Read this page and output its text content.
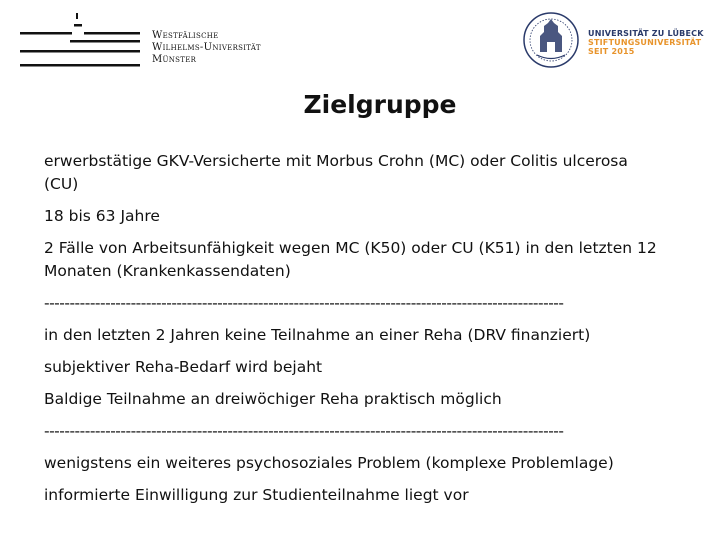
Westfälische
Wilhelms-Universität
Münster
UNIVERSITÄT ZU LÜBECK
STIFTUNGSUNIVERSITÄT
SEIT 2015
Zielgruppe
erwerbstätige GKV-Versicherte mit Morbus Crohn (MC) oder Colitis ulcerosa (CU)
18 bis 63 Jahre
2 Fälle von Arbeitsunfähigkeit wegen MC (K50) oder CU (K51) in den letzten 12 Monaten (Krankenkassendaten)
------------------------------------------------------------------------------------------------------
in den letzten 2 Jahren keine Teilnahme an einer Reha (DRV finanziert)
subjektiver Reha-Bedarf wird bejaht
Baldige Teilnahme an dreiwöchiger Reha praktisch möglich
------------------------------------------------------------------------------------------------------
wenigstens ein weiteres psychosoziales Problem (komplexe Problemlage)
informierte Einwilligung zur Studienteilnahme liegt vor
